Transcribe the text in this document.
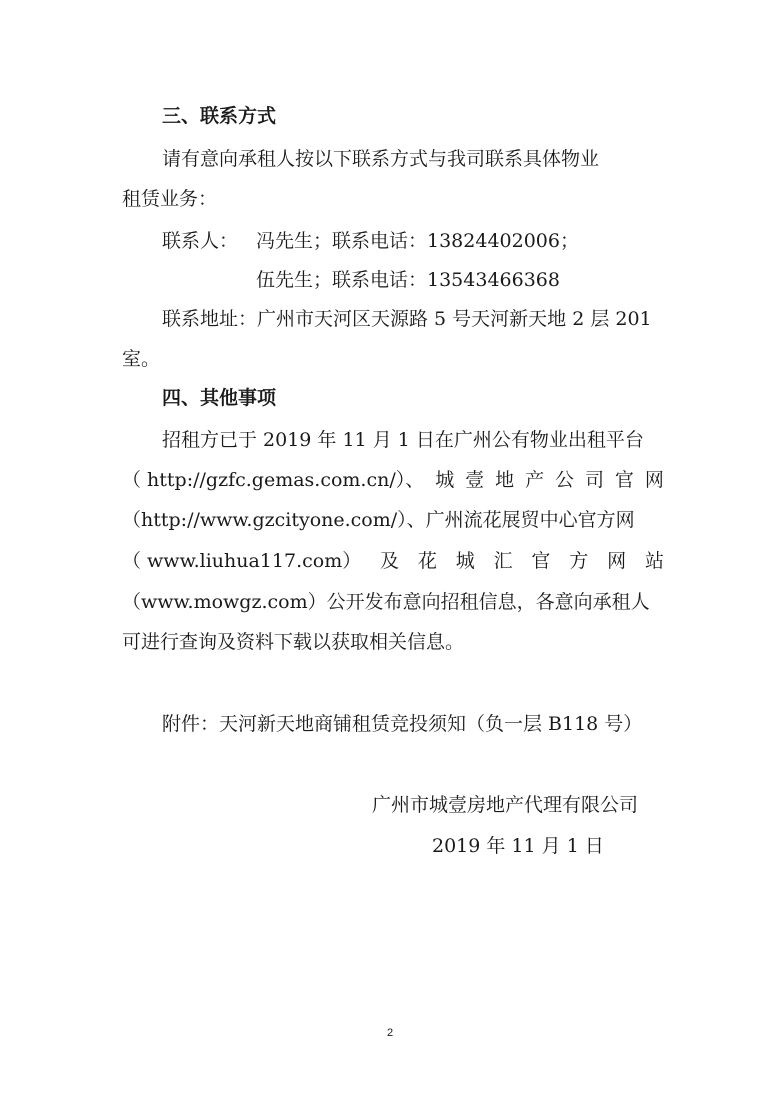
三、联系方式
请有意向承租人按以下联系方式与我司联系具体物业
租赁业务：
联系人： 冯先生；联系电话：13824402006；
伍先生；联系电话：13543466368
联系地址：广州市天河区天源路 5 号天河新天地 2 层 201
室。
四、其他事项
招租方已于 2019 年 11 月 1 日在广州公有物业出租平台
（ http://gzfc.gemas.com.cn/）、 城 壹 地 产 公 司 官 网
（http://www.gzcityone.com/）、广州流花展贸中心官方网
（ www.liuhua117.com） 及 花 城 汇 官 方 网 站
（www.mowgz.com）公开发布意向招租信息，各意向承租人
可进行查询及资料下载以获取相关信息。
附件：天河新天地商铺租赁竞投须知（负一层 B118 号）
广州市城壹房地产代理有限公司
2019 年 11 月 1 日
2
